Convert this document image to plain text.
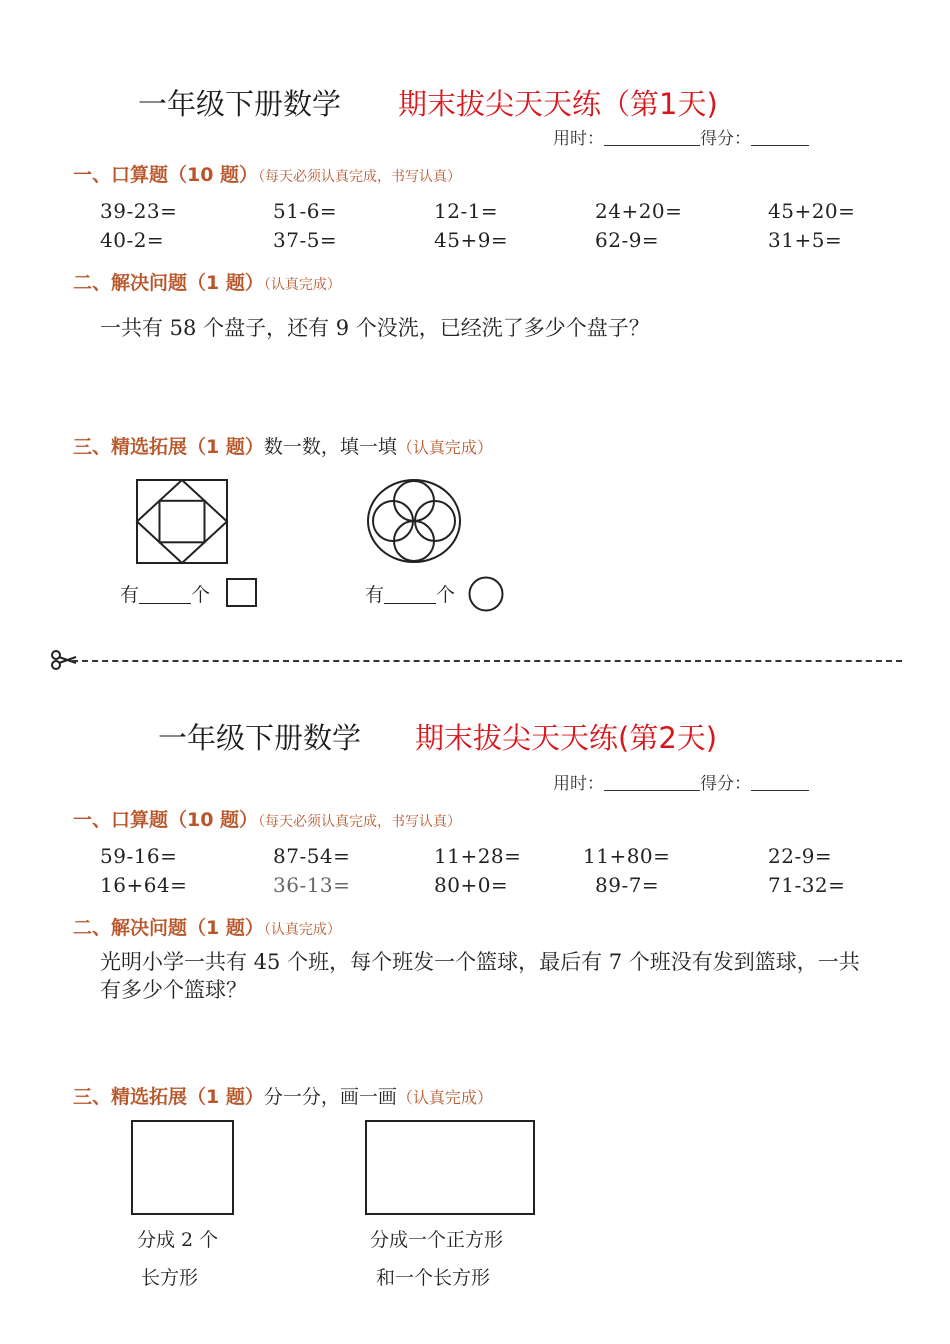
一年级下册数学 期末拔尖天天练（第1天)
用时：	得分：
一、口算题（10 题）（每天必须认真完成，书写认真）
39-23=	51-6=	12-1=	24+20=	45+20=
40-2=	37-5=	45+9=	62-9=	31+5=
二、解决问题（1 题）（认真完成）
一共有 58 个盘子，还有 9 个没洗，已经洗了多少个盘子？
三、精选拓展（1 题）数一数，填一填（认真完成）
有	个	有	个
一年级下册数学 期末拔尖天天练(第2天)
用时：	得分：
一、口算题（10 题）（每天必须认真完成，书写认真）
59-16=	87-54=	11+28=	11+80=	22-9=
16+64=	36-13=	80+0=	89-7=	71-32=
二、解决问题（1 题）（认真完成）
光明小学一共有 45 个班，每个班发一个篮球，最后有 7 个班没有发到篮球，一共有多少个篮球？
三、精选拓展（1 题）分一分，画一画（认真完成）
分成 2 个
长方形
分成一个正方形
和一个长方形
